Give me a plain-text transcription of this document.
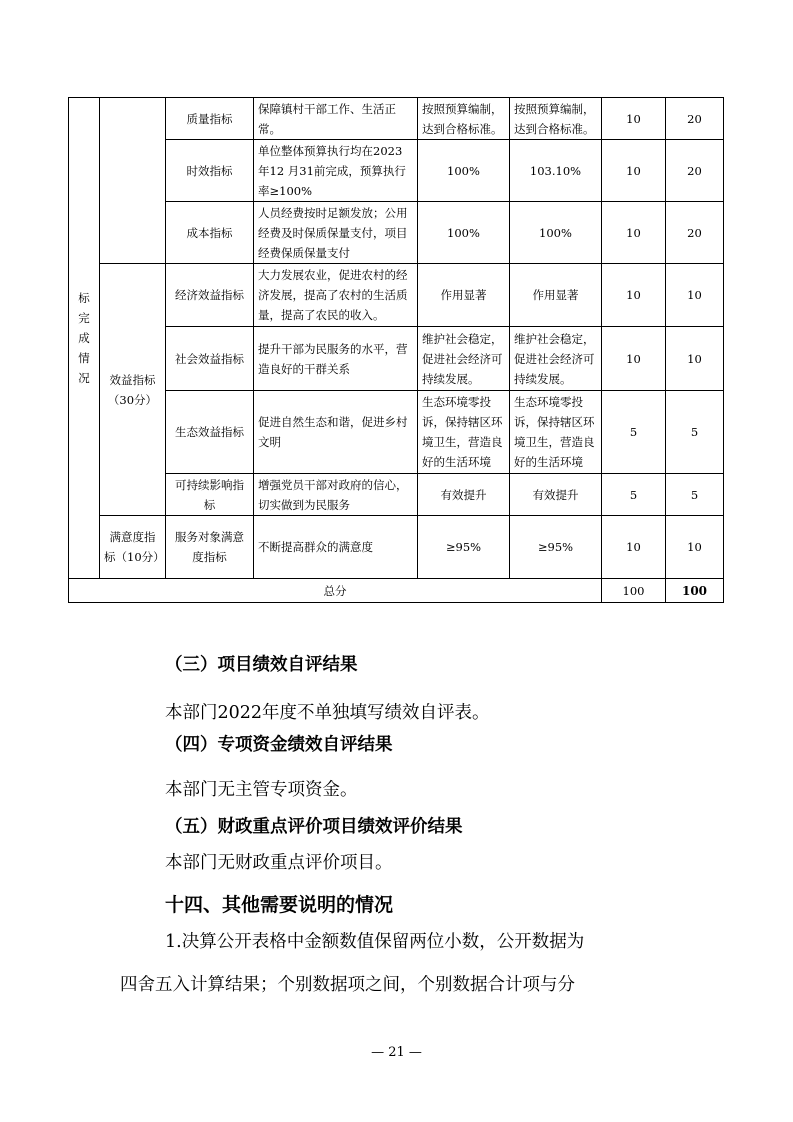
标
完
成
情
况		质量指标	保障镇村干部工作、生活正常。	按照预算编制，达到合格标准。	按照预算编制，达到合格标准。	10	20
		时效指标	单位整体预算执行均在2023年12 月31前完成，预算执行率≥100%	100%	103.10%	10	20
		成本指标	人员经费按时足额发放；公用经费及时保质保量支付，项目经费保质保量支付	100%	100%	10	20
	效益指标（30分）	经济效益指标	大力发展农业，促进农村的经济发展，提高了农村的生活质量，提高了农民的收入。	作用显著	作用显著	10	10
		社会效益指标	提升干部为民服务的水平，营造良好的干群关系	维护社会稳定，促进社会经济可持续发展。	维护社会稳定，促进社会经济可持续发展。	10	10
		生态效益指标	促进自然生态和谐，促进乡村文明	生态环境零投诉，保持辖区环境卫生，营造良好的生活环境	生态环境零投诉，保持辖区环境卫生，营造良好的生活环境	5	5
		可持续影响指标	增强党员干部对政府的信心，切实做到为民服务	有效提升	有效提升	5	5
	满意度指标（10分）	服务对象满意度指标	不断提高群众的满意度	≥95%	≥95%	10	10
总分						100	100
（三）项目绩效自评结果
本部门2022年度不单独填写绩效自评表。
（四）专项资金绩效自评结果
本部门无主管专项资金。
（五）财政重点评价项目绩效评价结果
本部门无财政重点评价项目。
十四、其他需要说明的情况
1.决算公开表格中金额数值保留两位小数，公开数据为
四舍五入计算结果；个别数据项之间，个别数据合计项与分
— 21 —
